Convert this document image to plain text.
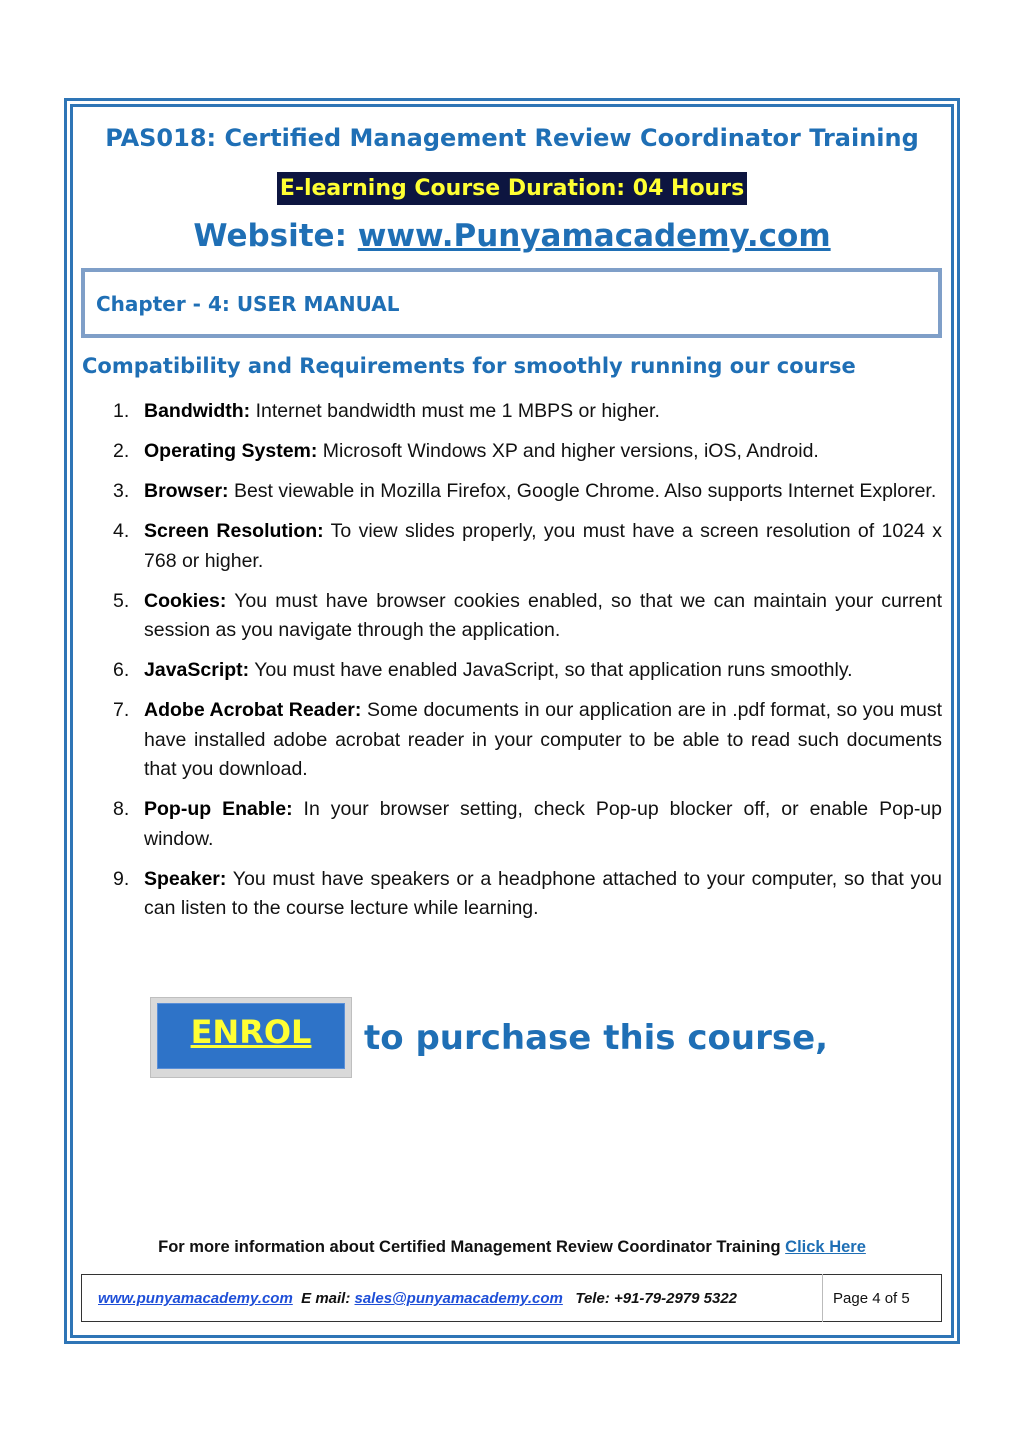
PAS018: Certified Management Review Coordinator Training
E-learning Course Duration: 04 Hours
Website: www.Punyamacademy.com
Chapter - 4: USER MANUAL
Compatibility and Requirements for smoothly running our course
1. Bandwidth: Internet bandwidth must me 1 MBPS or higher.
2. Operating System: Microsoft Windows XP and higher versions, iOS, Android.
3. Browser: Best viewable in Mozilla Firefox, Google Chrome. Also supports Internet Explorer.
4. Screen Resolution: To view slides properly, you must have a screen resolution of 1024 x 768 or higher.
5. Cookies: You must have browser cookies enabled, so that we can maintain your current session as you navigate through the application.
6. JavaScript: You must have enabled JavaScript, so that application runs smoothly.
7. Adobe Acrobat Reader: Some documents in our application are in .pdf format, so you must have installed adobe acrobat reader in your computer to be able to read such documents that you download.
8. Pop-up Enable: In your browser setting, check Pop-up blocker off, or enable Pop-up window.
9. Speaker: You must have speakers or a headphone attached to your computer, so that you can listen to the course lecture while learning.
ENROL to purchase this course,
For more information about Certified Management Review Coordinator Training Click Here
www.punyamacademy.com E mail: sales@punyamacademy.com Tele: +91-79-2979 5322	Page 4 of 5
